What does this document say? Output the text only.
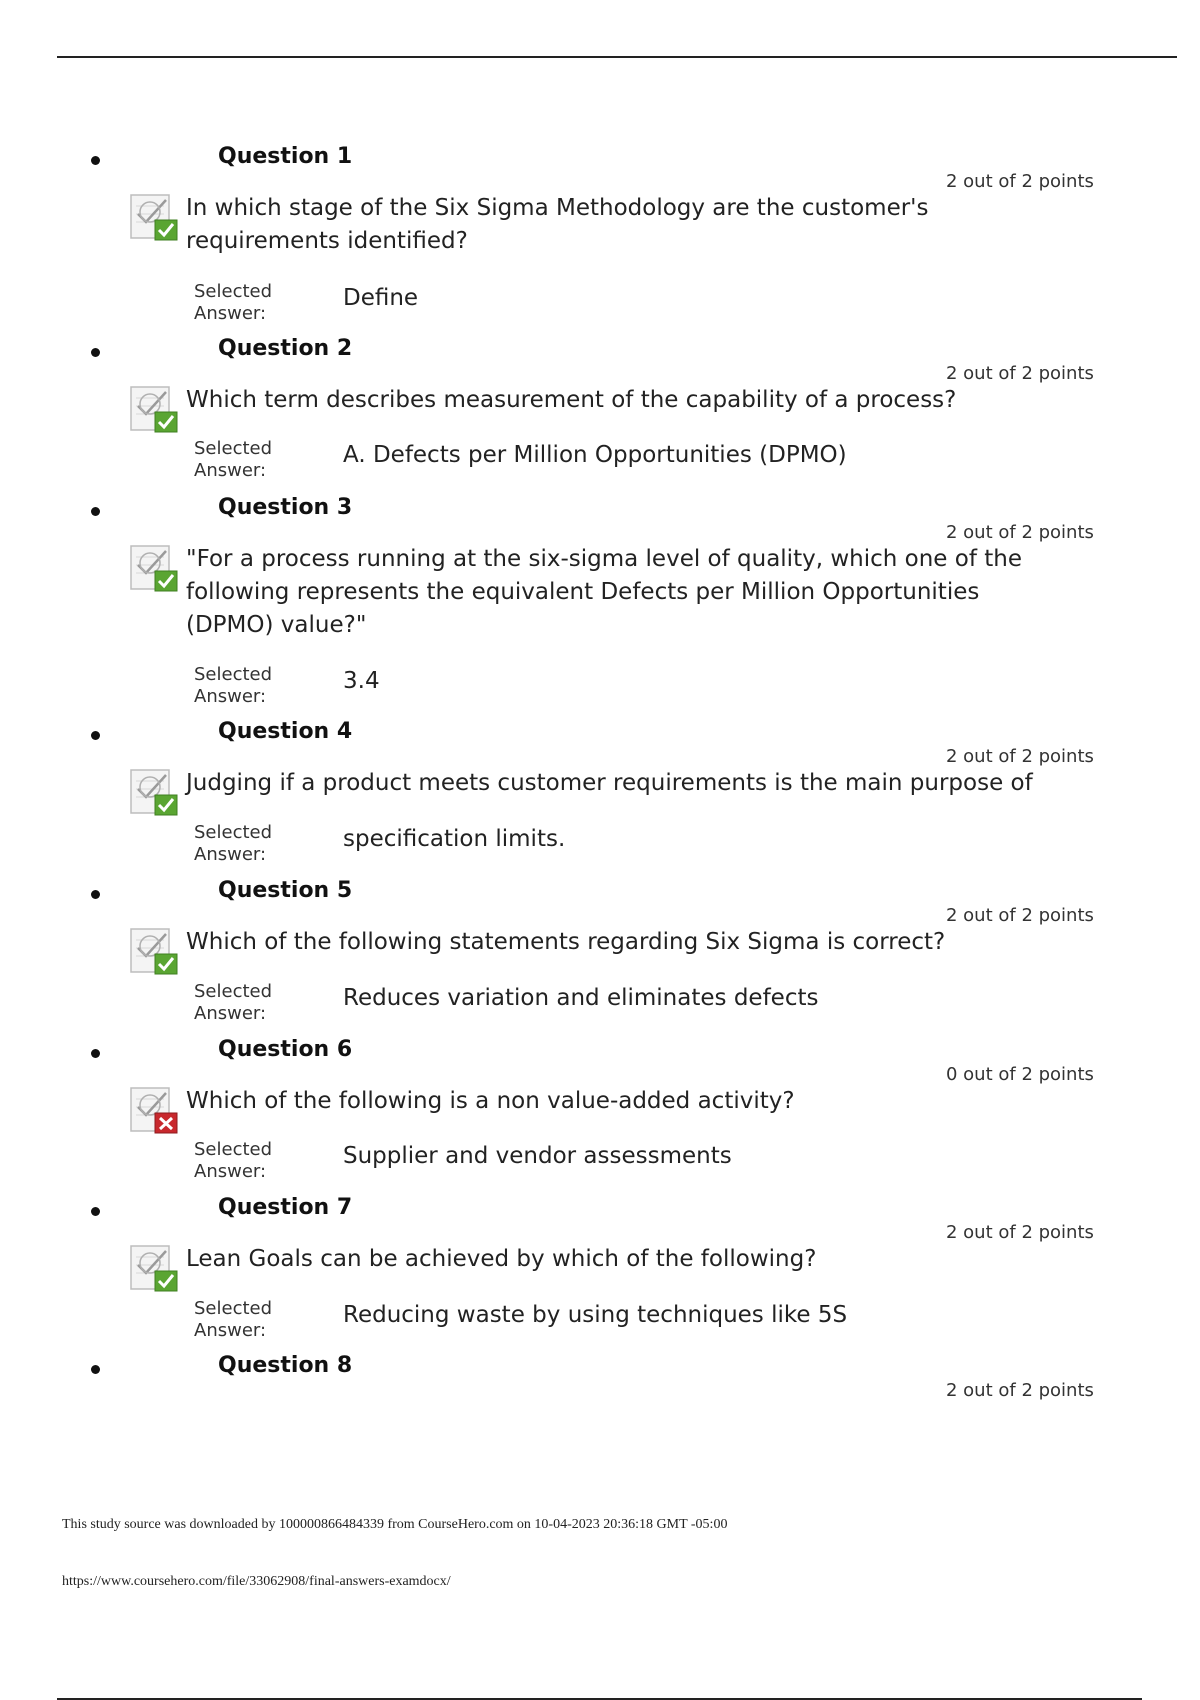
Question 1
2 out of 2 points
In which stage of the Six Sigma Methodology are the customer's requirements identified?
Selected Answer:
Define
Question 2
2 out of 2 points
Which term describes measurement of the capability of a process?
Selected Answer:
A. Defects per Million Opportunities (DPMO)
Question 3
2 out of 2 points
"For a process running at the six-sigma level of quality, which one of the following represents the equivalent Defects per Million Opportunities (DPMO) value?"
Selected Answer:
3.4
Question 4
2 out of 2 points
Judging if a product meets customer requirements is the main purpose of
Selected Answer:
specification limits.
Question 5
2 out of 2 points
Which of the following statements regarding Six Sigma is correct?
Selected Answer:
Reduces variation and eliminates defects
Question 6
0 out of 2 points
Which of the following is a non value-added activity?
Selected Answer:
Supplier and vendor assessments
Question 7
2 out of 2 points
Lean Goals can be achieved by which of the following?
Selected Answer:
Reducing waste by using techniques like 5S
Question 8
2 out of 2 points
This study source was downloaded by 100000866484339 from CourseHero.com on 10-04-2023 20:36:18 GMT -05:00
https://www.coursehero.com/file/33062908/final-answers-examdocx/
